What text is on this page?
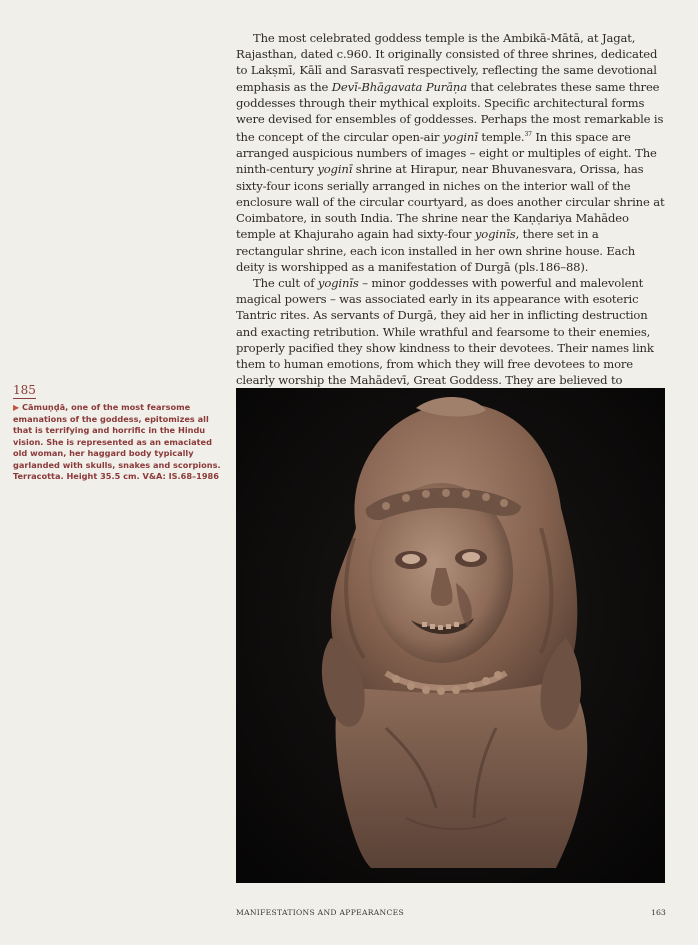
The most celebrated goddess temple is the Ambikā-Mātā, at Jagat, Rajasthan, dated c.960. It originally consisted of three shrines, dedicated to Lakṣmī, Kālī and Sarasvatī respectively, reflecting the same devotional emphasis as the Devī-Bhāgavata Purāṇa that celebrates these same three goddesses through their mythical exploits. Specific architectural forms were devised for ensembles of goddesses. Perhaps the most remarkable is the concept of the circular open-air yoginī temple.$^{37}$ In this space are arranged auspicious numbers of images – eight or multiples of eight. The ninth-century yoginī shrine at Hirapur, near Bhuvanesvara, Orissa, has sixty-four icons serially arranged in niches on the interior wall of the enclosure wall of the circular courtyard, as does another circular shrine at Coimbatore, in south India. The shrine near the Kaṇḍariya Mahādeo temple at Khajuraho again had sixty-four yoginīs, there set in a rectangular shrine, each icon installed in her own shrine house. Each deity is worshipped as a manifestation of Durgā (pls.186–88).

The cult of yoginīs – minor goddesses with powerful and malevolent magical powers – was associated early in its appearance with esoteric Tantric rites. As servants of Durgā, they aid her in inflicting destruction and exacting retribution. While wrathful and fearsome to their enemies, properly pacified they show kindness to their devotees. Their names link them to human emotions, from which they will free devotees to more clearly worship the Mahādevī, Great Goddess. They are believed to

185
▶ Cāmuṇḍā, one of the most fearsome emanations of the goddess, epitomizes all that is terrifying and horrific in the Hindu vision. She is represented as an emaciated old woman, her haggard body typically garlanded with skulls, snakes and scorpions. Terracotta. Height 35.5 cm. V&A: IS.68–1986
MANIFESTATIONS AND APPEARANCES	163
